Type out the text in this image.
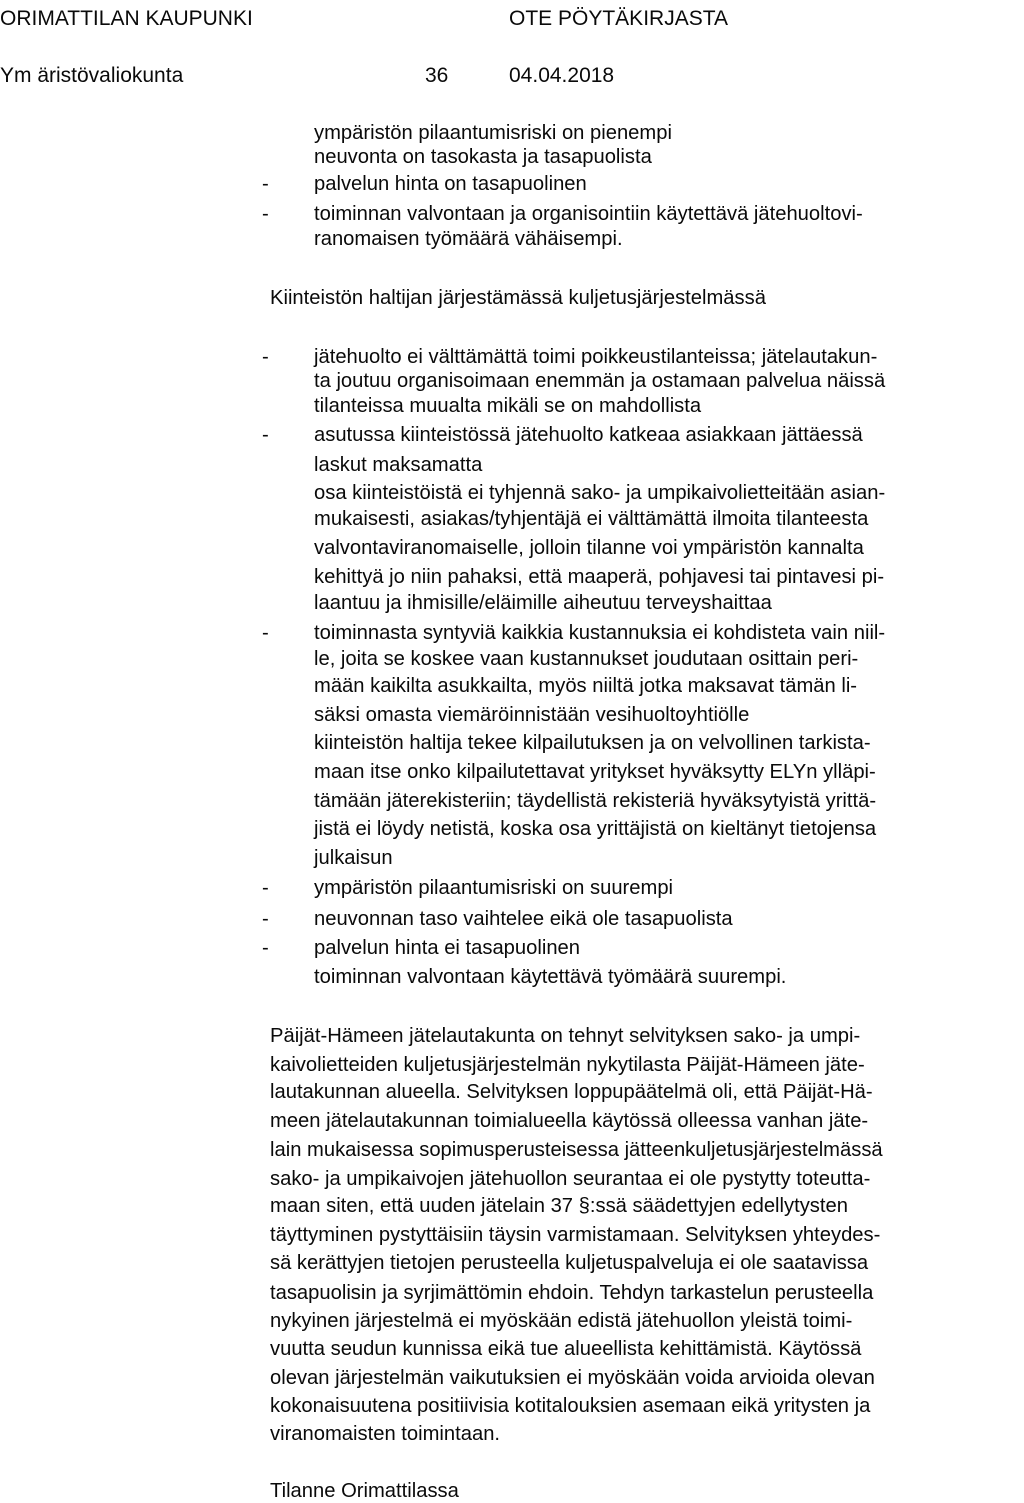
ORIMATTILAN KAUPUNKI	OTE PÖYTÄKIRJASTA
Ym äristövaliokunta	36	04.04.2018
ympäristön pilaantumisriski on pienempi
neuvonta on tasokasta ja tasapuolista
- palvelun hinta on tasapuolinen
- toiminnan valvontaan ja organisointiin käytettävä jätehuoltovi-
ranomaisen työmäärä vähäisempi.
Kiinteistön haltijan järjestämässä kuljetusjärjestelmässä
- jätehuolto ei välttämättä toimi poikkeustilanteissa; jätelautakun-
ta joutuu organisoimaan enemmän ja ostamaan palvelua näissä
tilanteissa muualta mikäli se on mahdollista
- asutussa kiinteistössä jätehuolto katkeaa asiakkaan jättäessä
laskut maksamatta
osa kiinteistöistä ei tyhjennä sako- ja umpikaivolietteitään asian-
mukaisesti, asiakas/tyhjentäjä ei välttämättä ilmoita tilanteesta
valvontaviranomaiselle, jolloin tilanne voi ympäristön kannalta
kehittyä jo niin pahaksi, että maaperä, pohjavesi tai pintavesi pi-
laantuu ja ihmisille/eläimille aiheutuu terveyshaittaa
- toiminnasta syntyviä kaikkia kustannuksia ei kohdisteta vain niil-
le, joita se koskee vaan kustannukset joudutaan osittain peri-
mään kaikilta asukkailta, myös niiltä jotka maksavat tämän li-
säksi omasta viemäröinnistään vesihuoltoyhtiölle
kiinteistön haltija tekee kilpailutuksen ja on velvollinen tarkista-
maan itse onko kilpailutettavat yritykset hyväksytty ELYn ylläpi-
tämään jäterekisteriin; täydellistä rekisteriä hyväksytyistä yrittä-
jistä ei löydy netistä, koska osa yrittäjistä on kieltänyt tietojensa
julkaisun
- ympäristön pilaantumisriski on suurempi
- neuvonnan taso vaihtelee eikä ole tasapuolista
- palvelun hinta ei tasapuolinen
toiminnan valvontaan käytettävä työmäärä suurempi.
Päijät-Hämeen jätelautakunta on tehnyt selvityksen sako- ja umpi-
kaivolietteiden kuljetusjärjestelmän nykytilasta Päijät-Hämeen jäte-
lautakunnan alueella. Selvityksen loppupäätelmä oli, että Päijät-Hä-
meen jätelautakunnan toimialueella käytössä olleessa vanhan jäte-
lain mukaisessa sopimusperusteisessa jätteenkuljetusjärjestelmässä
sako- ja umpikaivojen jätehuollon seurantaa ei ole pystytty toteutta-
maan siten, että uuden jätelain 37 §:ssä säädettyjen edellytysten
täyttyminen pystyttäisiin täysin varmistamaan. Selvityksen yhteydes-
sä kerättyjen tietojen perusteella kuljetuspalveluja ei ole saatavissa
tasapuolisin ja syrjimättömin ehdoin. Tehdyn tarkastelun perusteella
nykyinen järjestelmä ei myöskään edistä jätehuollon yleistä toimi-
vuutta seudun kunnissa eikä tue alueellista kehittämistä. Käytössä
olevan järjestelmän vaikutuksien ei myöskään voida arvioida olevan
kokonaisuutena positiivisia kotitalouksien asemaan eikä yritysten ja
viranomaisten toimintaan.
Tilanne Orimattilassa
